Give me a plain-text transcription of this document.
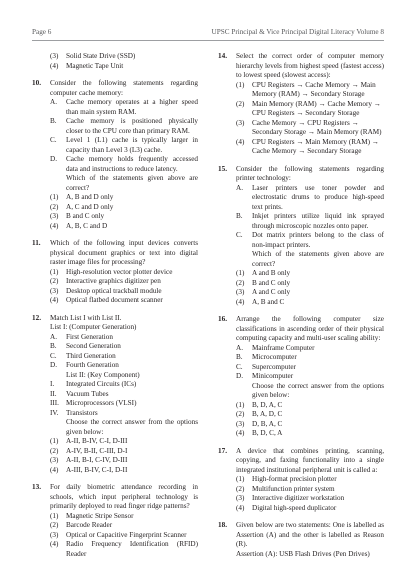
Page 6	UPSC Principal & Vice Principal Digital Literacy Volume 8
(3)	Solid State Drive (SSD)
(4)	Magnetic Tape Unit
10. Consider the following statements regarding computer cache memory:
A.	Cache memory operates at a higher speed than main system RAM.
B.	Cache memory is positioned physically closer to the CPU core than primary RAM.
C.	Level 1 (L1) cache is typically larger in capacity than Level 3 (L3) cache.
D.	Cache memory holds frequently accessed data and instructions to reduce latency.
Which of the statements given above are correct?
(1)	A, B and D only
(2)	A, C and D only
(3)	B and C only
(4)	A, B, C and D
11. Which of the following input devices converts physical document graphics or text into digital raster image files for processing?
(1)	High-resolution vector plotter device
(2)	Interactive graphics digitizer pen
(3)	Desktop optical trackball module
(4)	Optical flatbed document scanner
12. Match List I with List II.
List I: (Computer Generation)
A.	First Generation
B.	Second Generation
C.	Third Generation
D.	Fourth Generation
List II: (Key Component)
I.	Integrated Circuits (ICs)
II.	Vacuum Tubes
III. Microprocessors (VLSI)
IV.	Transistors
Choose the correct answer from the options given below:
(1)	A-II, B-IV, C-I, D-III
(2)	A-IV, B-II, C-III, D-I
(3)	A-II, B-I, C-IV, D-III
(4)	A-III, B-IV, C-I, D-II
13. For daily biometric attendance recording in schools, which input peripheral technology is primarily deployed to read finger ridge patterns?
(1)	Magnetic Stripe Sensor
(2)	Barcode Reader
(3)	Optical or Capacitive Fingerprint Scanner
(4)	Radio Frequency Identification (RFID) Reader
14. Select the correct order of computer memory hierarchy levels from highest speed (fastest access) to lowest speed (slowest access):
(1)	CPU Registers → Cache Memory → Main
Memory (RAM) → Secondary Storage
(2)	Main Memory (RAM) → Cache Memory →
CPU Registers → Secondary Storage
(3)	Cache Memory → CPU Registers →
Secondary Storage → Main Memory (RAM)
(4)	CPU Registers → Main Memory (RAM) →
Cache Memory → Secondary Storage
15. Consider the following statements regarding printer technology:
A.	Laser printers use toner powder and electrostatic drums to produce high-speed text prints.
B.	Inkjet printers utilize liquid ink sprayed through microscopic nozzles onto paper.
C.	Dot matrix printers belong to the class of non-impact printers.
Which of the statements given above are correct?
(1)	A and B only
(2)	B and C only
(3)	A and C only
(4)	A, B and C
16. Arrange the following computer size classifications in ascending order of their physical computing capacity and multi-user scaling ability:
A.	Mainframe Computer
B.	Microcomputer
C.	Supercomputer
D.	Minicomputer
Choose the correct answer from the options given below:
(1)	B, D, A, C
(2)	B, A, D, C
(3)	D, B, A, C
(4)	B, D, C, A
17. A device that combines printing, scanning, copying, and faxing functionality into a single integrated institutional peripheral unit is called a:
(1)	High-format precision plotter
(2)	Multifunction printer system
(3)	Interactive digitizer workstation
(4)	Digital high-speed duplicator
18. Given below are two statements: One is labelled as Assertion (A) and the other is labelled as Reason (R).
Assertion (A): USB Flash Drives (Pen Drives)
